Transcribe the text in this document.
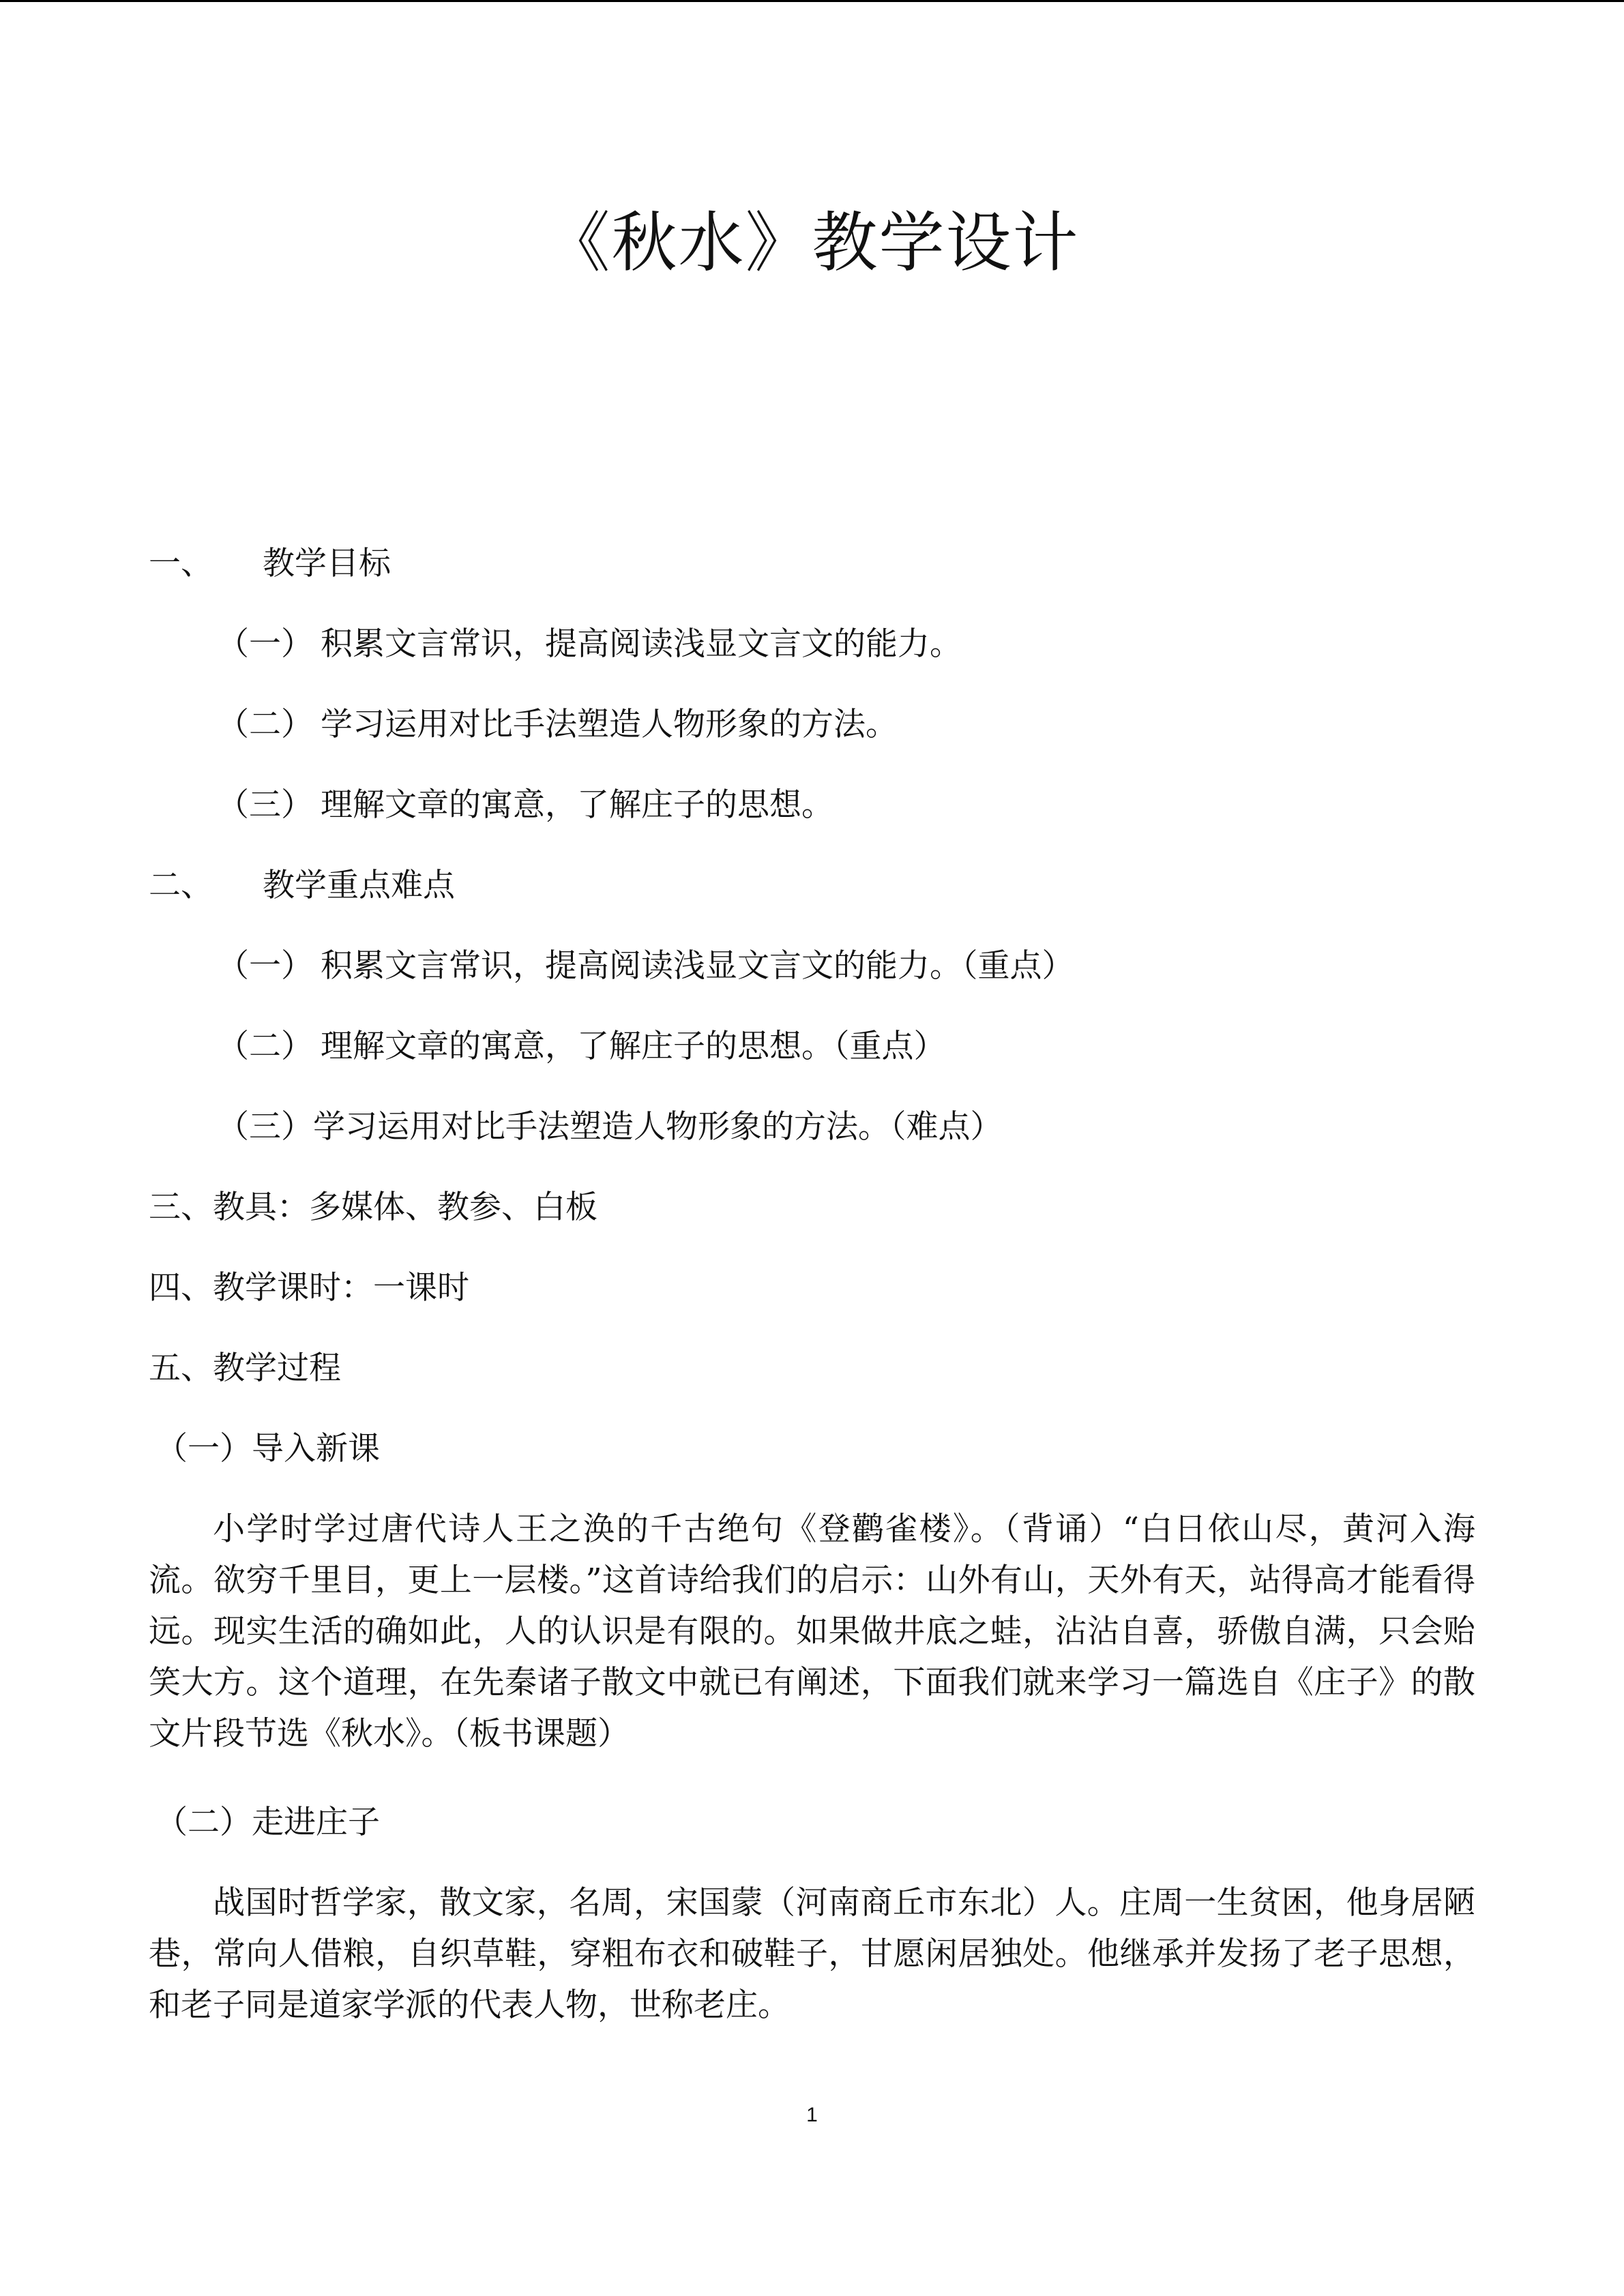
《秋水》教学设计
一、 教学目标
（一） 积累文言常识，提高阅读浅显文言文的能力。
（二） 学习运用对比手法塑造人物形象的方法。
（三） 理解文章的寓意，了解庄子的思想。
二、 教学重点难点
（一） 积累文言常识，提高阅读浅显文言文的能力。（重点）
（二） 理解文章的寓意，了解庄子的思想。（重点）
（三）学习运用对比手法塑造人物形象的方法。（难点）
三、教具：多媒体、教参、白板
四、教学课时：一课时
五、教学过程
（一）导入新课
小学时学过唐代诗人王之涣的千古绝句《登鹳雀楼》。（背诵）“白日依山尽，黄河入海流。欲穷千里目，更上一层楼。”这首诗给我们的启示：山外有山，天外有天，站得高才能看得远。现实生活的确如此，人的认识是有限的。如果做井底之蛙，沾沾自喜，骄傲自满，只会贻笑大方。这个道理，在先秦诸子散文中就已有阐述，下面我们就来学习一篇选自《庄子》的散文片段节选《秋水》。（板书课题）
（二）走进庄子
战国时哲学家，散文家，名周，宋国蒙（河南商丘市东北）人。庄周一生贫困，他身居陋巷，常向人借粮，自织草鞋，穿粗布衣和破鞋子，甘愿闲居独处。他继承并发扬了老子思想，和老子同是道家学派的代表人物，世称老庄。
1
